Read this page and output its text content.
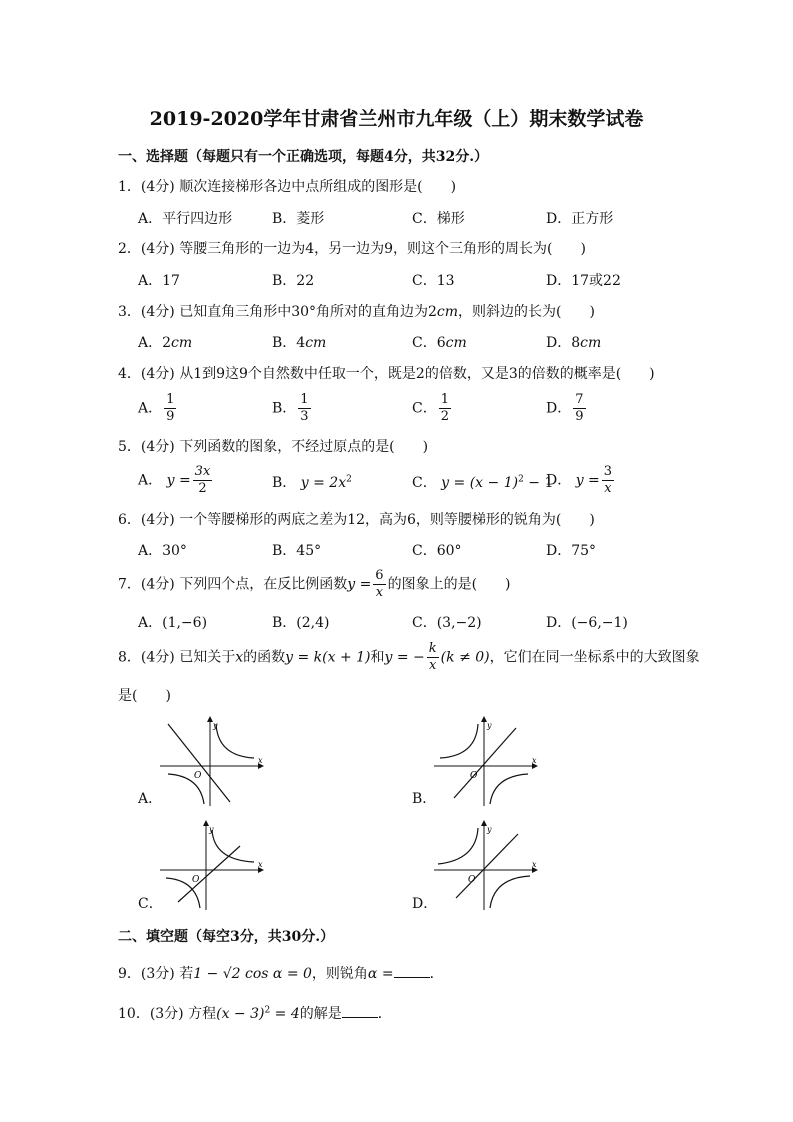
2019-2020学年甘肃省兰州市九年级（上）期末数学试卷
一、选择题（每题只有一个正确选项，每题4分，共32分.）
1．(4分) 顺次连接梯形各边中点所组成的图形是(　　)
A．平行四边形	B．菱形	C．梯形	D．正方形
2．(4分) 等腰三角形的一边为4，另一边为9，则这个三角形的周长为(　　)
A．17	B．22	C．13	D．17或22
3．(4分) 已知直角三角形中30°角所对的直角边为2cm，则斜边的长为(　　)
A．2cm	B．4cm	C．6cm	D．8cm
4．(4分) 从1到9这9个自然数中任取一个，既是2的倍数，又是3的倍数的概率是(　　)
A． $\frac{1}{9}$	B． $\frac{1}{3}$	C． $\frac{1}{2}$	D． $\frac{7}{9}$
5．(4分) 下列函数的图象，不经过原点的是(　　)
A． $y = \frac{3x}{2}$	B． $y = 2x^2$	C． $y = (x - 1)^2 - 1$
D． $y = \frac{3}{x}$
6．(4分) 一个等腰梯形的两底之差为12，高为6，则等腰梯形的锐角为(　　)
A．30°	B．45°	C．60°	D．75°
7．(4分) 下列四个点，在反比例函数$y = \frac{6}{x}$ 的图象上的是(　　)
A．(1,−6)	B．(2,4)	C．(3,−2)	D．(−6,−1)
8．(4分) 已知关于x的函数y = k(x + 1)和y = − $\frac{k}{x} (k \ne 0)$，它们在同一坐标系中的大致图象
是(　　)
A．	B．
C．	D．
y
x
O
y
x
O
y
x
O
y
x
O
二、填空题（每空3分，共30分.）
9．(3分) 若1 − √2 cos α = 0，则锐角α =	．
10．(3分) 方程$(x - 3)^2 = 4$的解是	．
